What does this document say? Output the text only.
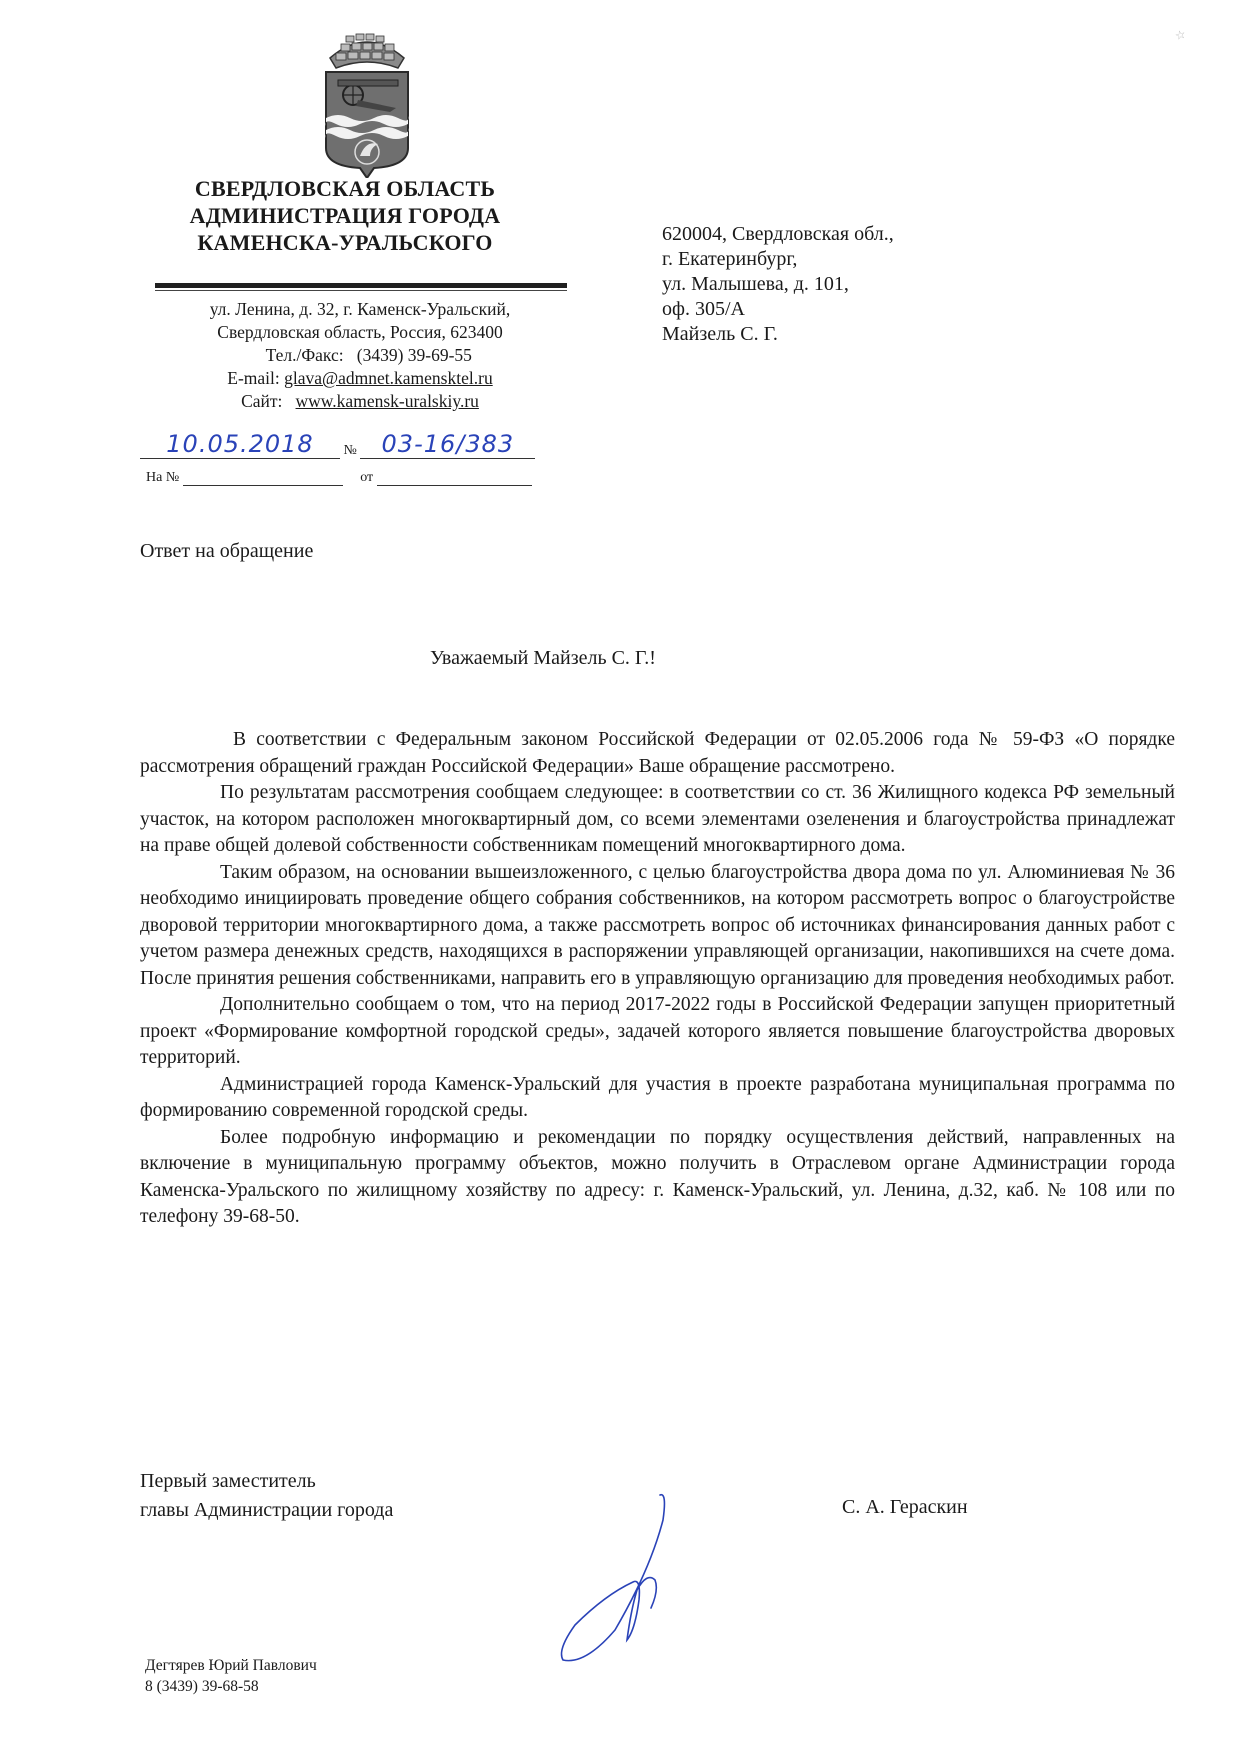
☆
СВЕРДЛОВСКАЯ ОБЛАСТЬ
АДМИНИСТРАЦИЯ ГОРОДА
КАМЕНСКА-УРАЛЬСКОГО
ул. Ленина, д. 32, г. Каменск-Уральский,
Свердловская область, Россия, 623400
Тел./Факс: (3439) 39-69-55
E-mail: glava@admnet.kamensktel.ru
Сайт: www.kamensk-uralskiy.ru
10.05.2018 № 03-16/383
На №	от
620004, Свердловская обл.,
г. Екатеринбург,
ул. Малышева, д. 101,
оф. 305/А
Майзель С. Г.
Ответ на обращение
Уважаемый Майзель С. Г.!

В соответствии с Федеральным законом Российской Федерации от 02.05.2006 года № 59-ФЗ «О порядке рассмотрения обращений граждан Российской Федерации» Ваше обращение рассмотрено.

По результатам рассмотрения сообщаем следующее: в соответствии со ст. 36 Жилищного кодекса РФ земельный участок, на котором расположен многоквартирный дом, со всеми элементами озеленения и благоустройства принадлежат на праве общей долевой собственности собственникам помещений многоквартирного дома.

Таким образом, на основании вышеизложенного, с целью благоустройства двора дома по ул. Алюминиевая № 36 необходимо инициировать проведение общего собрания собственников, на котором рассмотреть вопрос о благоустройстве дворовой территории многоквартирного дома, а также рассмотреть вопрос об источниках финансирования данных работ с учетом размера денежных средств, находящихся в распоряжении управляющей организации, накопившихся на счете дома. После принятия решения собственниками, направить его в управляющую организацию для проведения необходимых работ.

Дополнительно сообщаем о том, что на период 2017-2022 годы в Российской Федерации запущен приоритетный проект «Формирование комфортной городской среды», задачей которого является повышение благоустройства дворовых территорий.

Администрацией города Каменск-Уральский для участия в проекте разработана муниципальная программа по формированию современной городской среды.

Более подробную информацию и рекомендации по порядку осуществления действий, направленных на включение в муниципальную программу объектов, можно получить в Отраслевом органе Администрации города Каменска-Уральского по жилищному хозяйству по адресу: г. Каменск-Уральский, ул. Ленина, д.32, каб. № 108 или по телефону 39-68-50.

Первый заместитель
главы Администрации города	С. А. Гераскин
Дегтярев Юрий Павлович
8 (3439) 39-68-58
